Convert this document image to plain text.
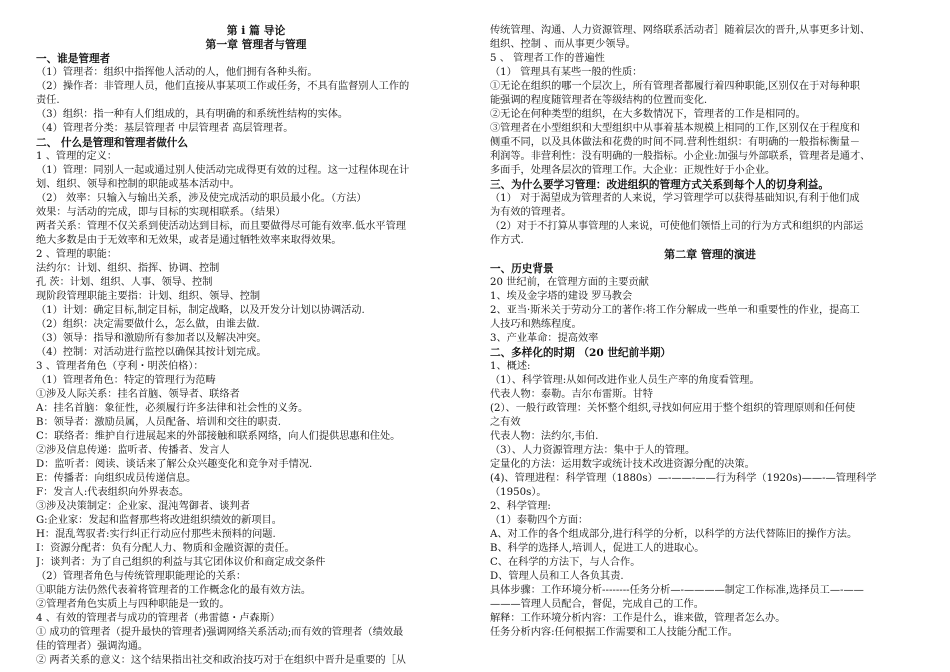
第 i 篇 导论
第一章 管理者与管理
一、谁是管理者
（1）管理者：组织中指挥他人活动的人，他们拥有各种头衔。
（2）操作者：非管理人员，他们直接从事某项工作或任务，不具有监督别人工作的
责任.
（3）组织：指一种有人们组成的，具有明确的和系统性结构的实体。
（4）管理者分类：基层管理者 中层管理者 高层管理者。
二、 什么是管理和管理者做什么
1 、管理的定义：
（1）管理：同别人一起或通过别人使活动完成得更有效的过程。这一过程体现在计
划、组织、领导和控制的职能或基本活动中。
（2） 效率：只输入与输出关系，涉及使完成活动的职员最小化。（方法）
效果：与活动的完成，即与目标的实现相联系。（结果）
两者关系：管理不仅关系到使活动达到目标，而且要做得尽可能有效率.低水平管理
绝大多数是由于无效率和无效果，或者是通过牺牲效率来取得效果。
2 、管理的职能：
法约尔：计划、组织、指挥、协调、控制
孔 茨：计划、组织、人事、领导、控制
现阶段管理职能主要指：计划、组织、领导、控制
（1）计划：确定目标,制定目标，制定战略，以及开发分计划以协调活动.
（2）组织：决定需要做什么，怎么做，由谁去做.
（3）领导：指导和激励所有参加者以及解决冲突。
（4）控制：对活动进行监控以确保其按计划完成。
3 、管理者角色（亨利・明茨伯格）：
（1）管理者角色：特定的管理行为范畴
①涉及人际关系：挂名首脑、领导者、联络者
A：挂名首脑：象征性，必须履行许多法律和社会性的义务。
B：领导者：激励员属，人员配备、培训和交往的职责.
C：联络者：维护自行进展起来的外部接触和联系网络，向人们提供思惠和住处。
②涉及信息传递：监听者、传播者、发言人
D：监听者：阅读、谈话来了解公众兴趣变化和竞争对手情况.
E：传播者：向组织成员传递信息。
F：发言人:代表组织向外界表态。
③涉及决策制定：企业家、混沌驾御者、谈判者
G:企业家：发起和监督那些将改进组织绩效的新项目。
H：混乱驾驭者:实行纠正行动应付那些未预料的问题.
I：资源分配者：负有分配人力、物质和金融资源的责任。
J：谈判者：为了自己组织的利益与其它团体议价和商定成交条件
（2）管理者角色与传统管理职能理论的关系：
①职能方法仍然代表着将管理者的工作概念化的最有效方法。
②管理者角色实质上与四种职能是一致的。
4 、有效的管理者与成功的管理者（弗雷德・卢森斯）
① 成功的管理者（提升最快的管理者)强调网络关系活动;而有效的管理者（绩效最
佳的管理者）强调沟通。
② 两者关系的意义：这个结果指出社交和政治技巧对于在组织中晋升是重要的［从
传统管理、沟通、人力资源管理、网络联系活动者］随着层次的晋升,从事更多计划、
组织、控制 、而从事更少领导。
5 、 管理者工作的普遍性
（1） 管理具有某些一般的性质：
①无论在组织的哪一个层次上，所有管理者都履行着四种职能,区别仅在于对每种职
能强调的程度随管理者在等级结构的位置而变化.
②无论在何种类型的组织，在大多数情况下，管理者的工作是相同的。
③管理者在小型组织和大型组织中从事着基本规模上相同的工作,区别仅在于程度和
侧重不同，以及具体做法和花费的时间不同.营利性组织：有明确的一般指标衡量－
利润等。非营利性：没有明确的一般指标。小企业:加强与外部联系，管理者是通才、
多面手，处理各层次的管理工作。大企业：正规性好于小企业。
三、为什么要学习管理：改进组织的管理方式关系到每个人的切身利益。
（1） 对于渴望成为管理者的人来说，学习管理学可以获得基础知识,有利于他们成
为有效的管理者。
（2）对于不打算从事管理的人来说，可使他们领悟上司的行为方式和组织的内部运
作方式.
第二章 管理的演进
一、历史背景
20 世纪前，在管理方面的主要贡献
1、埃及金字塔的建设 罗马教会
2、亚当·斯米关于劳动分工的著作:将工作分解成一些单一和重要性的作业，提高工
人技巧和熟练程度。
3、产业革命：提高效率
二、多样化的时期 （20 世纪前半期）
1、概述:
（1）、科学管理:从如何改进作业人员生产率的角度看管理。
代表人物：泰勒。吉尔布雷斯。甘特
(2）、一般行政管理：关怀整个组织,寻找如何应用于整个组织的管理原则和任何使
之有效
代表人物：法约尔,韦伯.
（3）、人力资源管理方法：集中于人的管理。
定量化的方法：运用数字或统计技术改进资源分配的决策。
(4)、管理进程：科学管理（1880s）—-——-——行为科学（1920s)——-—管理科学
（1950s）。
2、科学管理:
（1）泰勒四个方面：
A、对工作的各个组成部分,进行科学的分析，以科学的方法代替陈旧的操作方法。
B、科学的选择人,培训人，促进工人的进取心。
C、在科学的方法下，与人合作。
D、管理人员和工人各负其责.
具体步骤：工作环境分析--------任务分析—-————制定工作标准,选择员工—-——
———管理人员配合，督促，完成自己的工作。
解释：工作环境分析内容：工作是什么，谁来做，管理者怎么办。
任务分析内容:任何根据工作需要和工人技能分配工作。
